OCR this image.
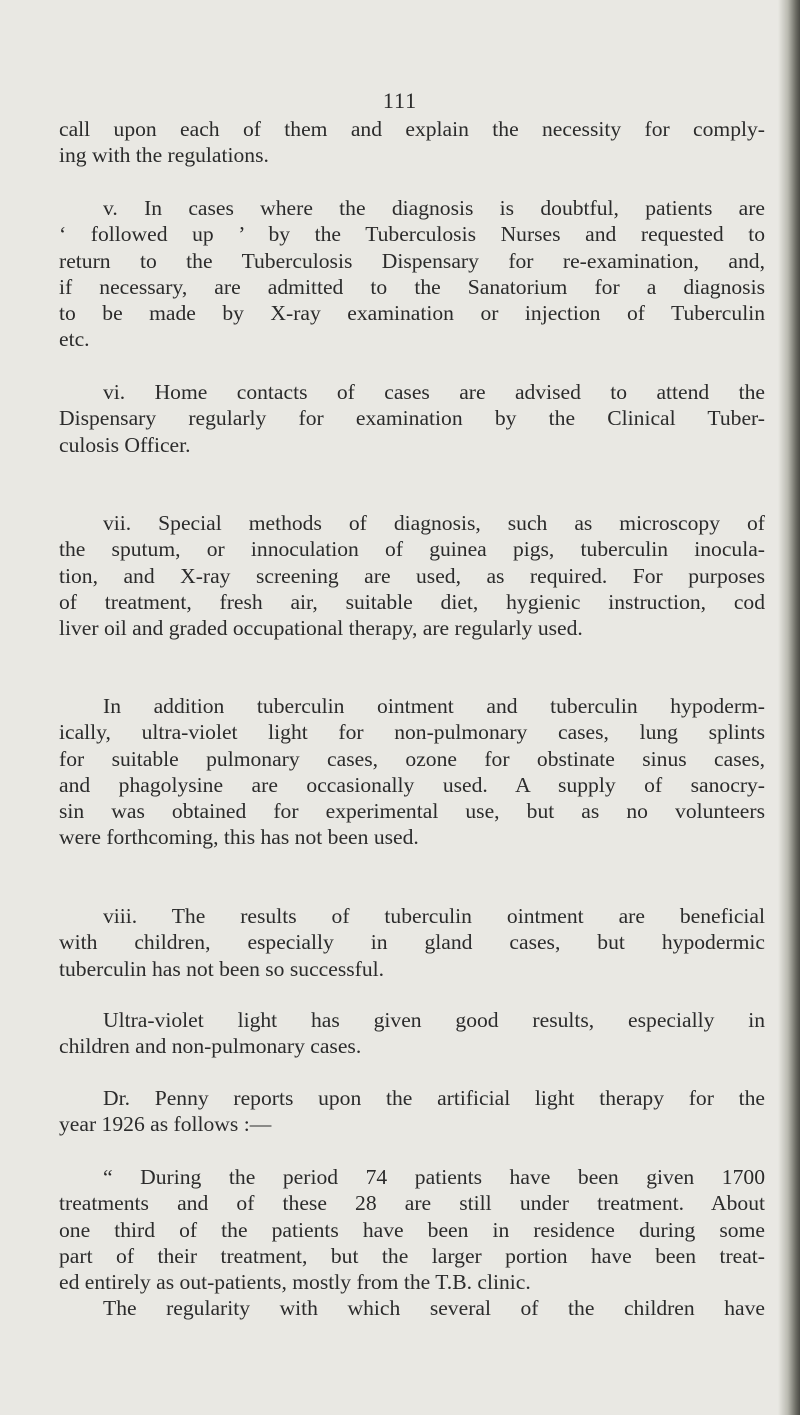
111
call upon each of them and explain the necessity for comply-
ing with the regulations.
v. In cases where the diagnosis is doubtful, patients are
‘ followed up ’ by the Tuberculosis Nurses and requested to
return to the Tuberculosis Dispensary for re-examination, and,
if necessary, are admitted to the Sanatorium for a diagnosis
to be made by X-ray examination or injection of Tuberculin
etc.
vi. Home contacts of cases are advised to attend the
Dispensary regularly for examination by the Clinical Tuber-
culosis Officer.
vii. Special methods of diagnosis, such as microscopy of
the sputum, or innoculation of guinea pigs, tuberculin inocula-
tion, and X-ray screening are used, as required. For purposes
of treatment, fresh air, suitable diet, hygienic instruction, cod
liver oil and graded occupational therapy, are regularly used.
In addition tuberculin ointment and tuberculin hypoderm-
ically, ultra-violet light for non-pulmonary cases, lung splints
for suitable pulmonary cases, ozone for obstinate sinus cases,
and phagolysine are occasionally used. A supply of sanocry-
sin was obtained for experimental use, but as no volunteers
were forthcoming, this has not been used.
viii. The results of tuberculin ointment are beneficial
with children, especially in gland cases, but hypodermic
tuberculin has not been so successful.
Ultra-violet light has given good results, especially in
children and non-pulmonary cases.
Dr. Penny reports upon the artificial light therapy for the
year 1926 as follows :—
“ During the period 74 patients have been given 1700
treatments and of these 28 are still under treatment. About
one third of the patients have been in residence during some
part of their treatment, but the larger portion have been treat-
ed entirely as out-patients, mostly from the T.B. clinic.
The regularity with which several of the children have
